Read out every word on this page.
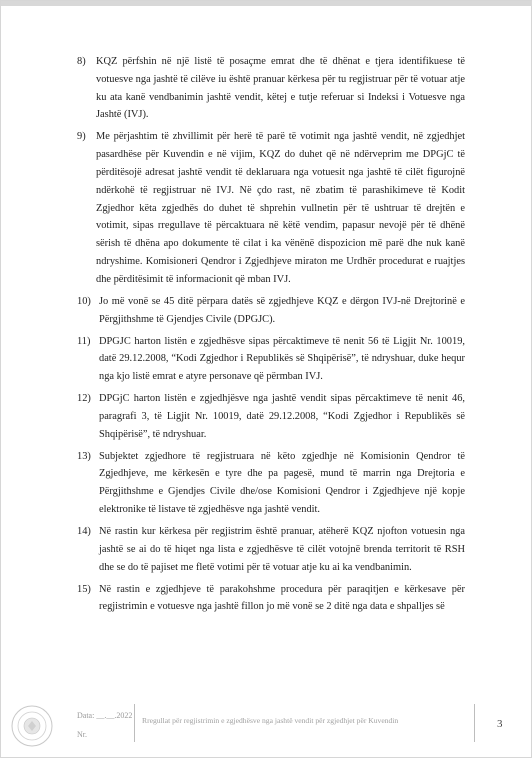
8) KQZ përfshin në një listë të posaçme emrat dhe të dhënat e tjera identifikuese të votuesve nga jashtë të cilëve iu është pranuar kërkesa për tu regjistruar për të votuar atje ku ata kanë vendbanimin jashtë vendit, këtej e tutje referuar si Indeksi i Votuesve nga Jashtë (IVJ).
9) Me përjashtim të zhvillimit për herë të parë të votimit nga jashtë vendit, në zgjedhjet pasardhëse për Kuvendin e në vijim, KQZ do duhet që në ndërveprim me DPGjC të përditësojë adresat jashtë vendit të deklaruara nga votuesit nga jashtë të cilët figurojnë ndërkohë të regjistruar në IVJ. Në çdo rast, në zbatim të parashikimeve të Kodit Zgjedhor këta zgjedhës do duhet të shprehin vullnetin për të ushtruar të drejtën e votimit, sipas rregullave të përcaktuara në këtë vendim, papasur nevojë për të dhënë sërish të dhëna apo dokumente të cilat i ka vënënë dispozicion më parë dhe nuk kanë ndryshime. Komisioneri Qendror i Zgjedhjeve miraton me Urdhër procedurat e ruajtjes dhe përditësimit të informacionit që mban IVJ.
10) Jo më vonë se 45 ditë përpara datës së zgjedhjeve KQZ e dërgon IVJ-në Drejtorinë e Përgjithshme të Gjendjes Civile (DPGJC).
11) DPGJC harton listën e zgjedhësve sipas përcaktimeve të nenit 56 të Ligjit Nr. 10019, datë 29.12.2008, “Kodi Zgjedhor i Republikës së Shqipërisë”, të ndryshuar, duke hequr nga kjo listë emrat e atyre personave që përmban IVJ.
12) DPGjC harton listën e zgjedhjësve nga jashtë vendit sipas përcaktimeve të nenit 46, paragrafi 3, të Ligjit Nr. 10019, datë 29.12.2008, “Kodi Zgjedhor i Republikës së Shqipërisë”, të ndryshuar.
13) Subjektet zgjedhore të regjistruara në këto zgjedhje në Komisionin Qendror të Zgjedhjeve, me kërkesën e tyre dhe pa pagesë, mund të marrin nga Drejtoria e Përgjithshme e Gjendjes Civile dhe/ose Komisioni Qendror i Zgjedhjeve një kopje elektronike të listave të zgjedhësve nga jashtë vendit.
14) Në rastin kur kërkesa për regjistrim është pranuar, atëherë KQZ njofton votuesin nga jashtë se ai do të hiqet nga lista e zgjedhësve të cilët votojnë brenda territorit të RSH dhe se do të pajiset me fletë votimi për të votuar atje ku ai ka vendbanimin.
15) Në rastin e zgjedhjeve të parakohshme procedura për paraqitjen e kërkesave për regjistrimin e votuesve nga jashtë fillon jo më vonë se 2 ditë nga data e shpalljes së
Data: __.__.2022
Nr.
Rregullat për regjistrimin e zgjedhësve nga jashtë vendit për zgjedhjet për Kuvendin	3
